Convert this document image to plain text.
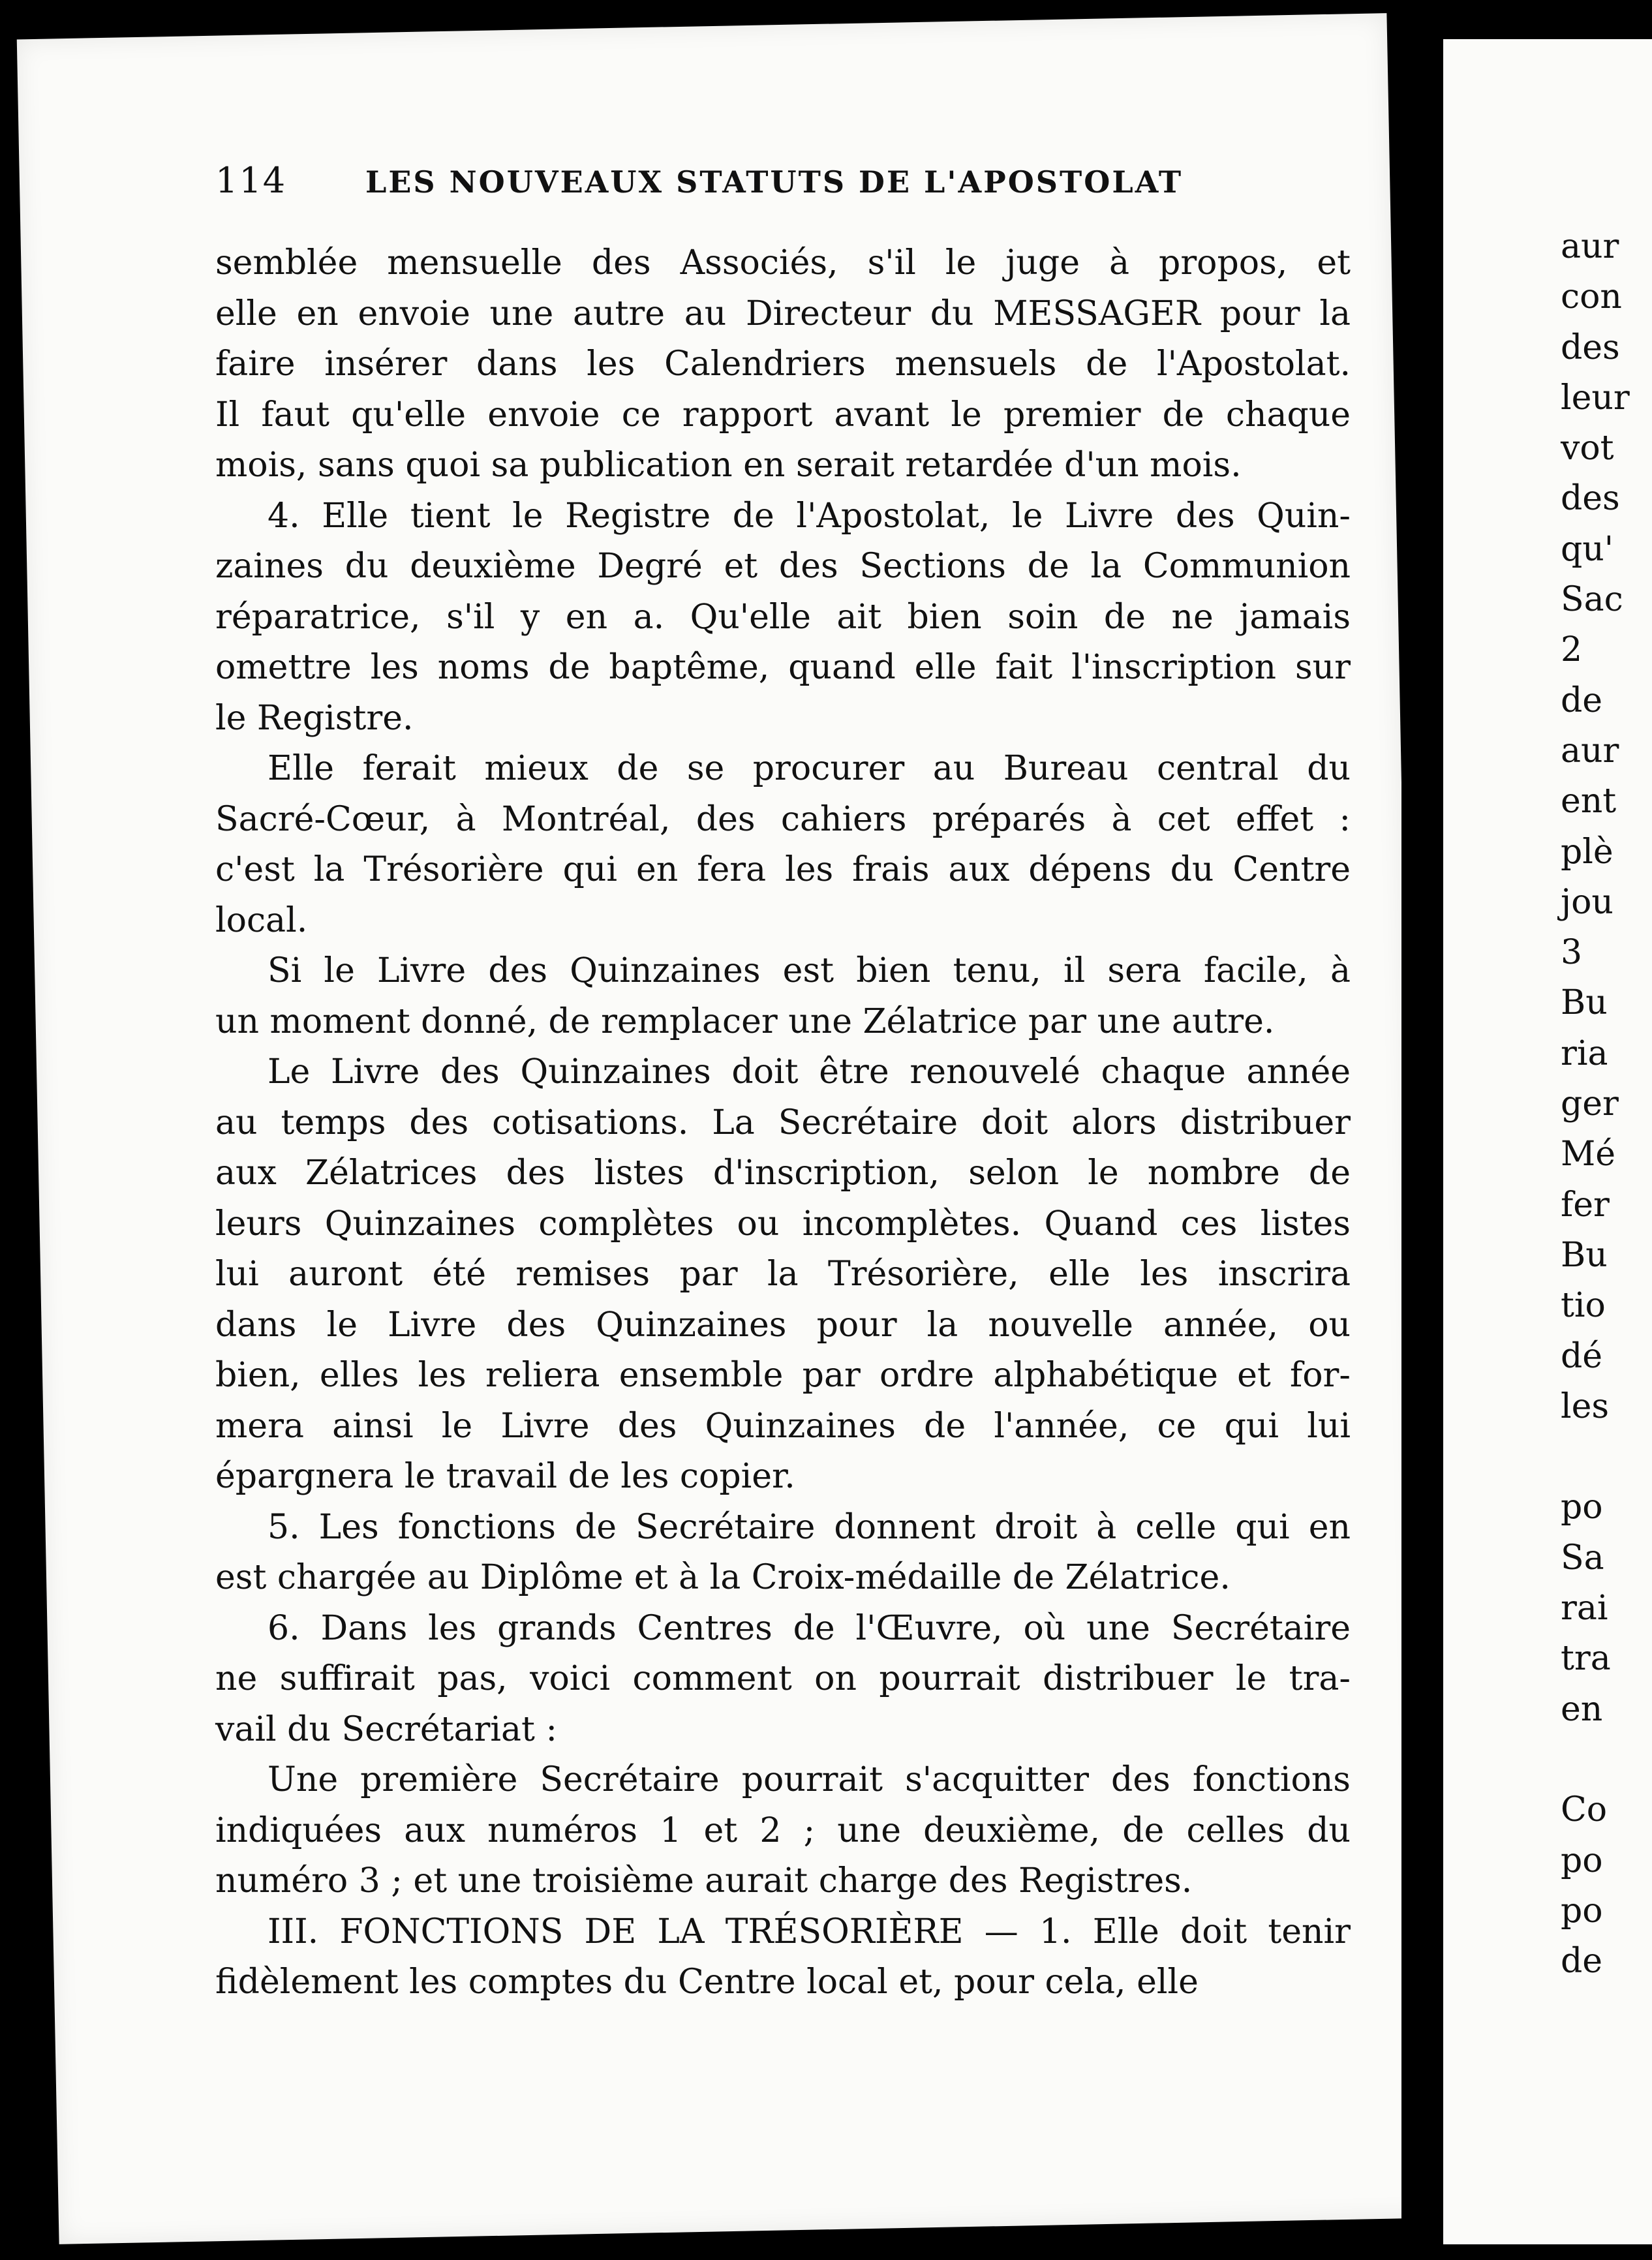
114	LES NOUVEAUX STATUTS DE L'APOSTOLAT
semblée mensuelle des Associés, s'il le juge à propos, et
elle en envoie une autre au Directeur du MESSAGER pour la
faire insérer dans les Calendriers mensuels de l'Apostolat.
Il faut qu'elle envoie ce rapport avant le premier de chaque
mois, sans quoi sa publication en serait retardée d'un mois.
4. Elle tient le Registre de l'Apostolat, le Livre des Quin-
zaines du deuxième Degré et des Sections de la Communion
réparatrice, s'il y en a. Qu'elle ait bien soin de ne jamais
omettre les noms de baptême, quand elle fait l'inscription sur
le Registre.
Elle ferait mieux de se procurer au Bureau central du
Sacré-Cœur, à Montréal, des cahiers préparés à cet effet :
c'est la Trésorière qui en fera les frais aux dépens du Centre
local.
Si le Livre des Quinzaines est bien tenu, il sera facile, à
un moment donné, de remplacer une Zélatrice par une autre.
Le Livre des Quinzaines doit être renouvelé chaque année
au temps des cotisations. La Secrétaire doit alors distribuer
aux Zélatrices des listes d'inscription, selon le nombre de
leurs Quinzaines complètes ou incomplètes. Quand ces listes
lui auront été remises par la Trésorière, elle les inscrira
dans le Livre des Quinzaines pour la nouvelle année, ou
bien, elles les reliera ensemble par ordre alphabétique et for-
mera ainsi le Livre des Quinzaines de l'année, ce qui lui
épargnera le travail de les copier.
5. Les fonctions de Secrétaire donnent droit à celle qui en
est chargée au Diplôme et à la Croix-médaille de Zélatrice.
6. Dans les grands Centres de l'Œuvre, où une Secrétaire
ne suffirait pas, voici comment on pourrait distribuer le tra-
vail du Secrétariat :
Une première Secrétaire pourrait s'acquitter des fonctions
indiquées aux numéros 1 et 2 ; une deuxième, de celles du
numéro 3 ; et une troisième aurait charge des Registres.
III. FONCTIONS DE LA TRÉSORIÈRE — 1. Elle doit tenir
fidèlement les comptes du Centre local et, pour cela, elle
aur
con
des
leur
vot
des
qu'
Sac
2
de
aur
ent
plè
jou
3
Bu
ria
ger
Mé
fer
Bu
tio
dé
les
po
Sa
rai
tra
en
Co
po
po
de
